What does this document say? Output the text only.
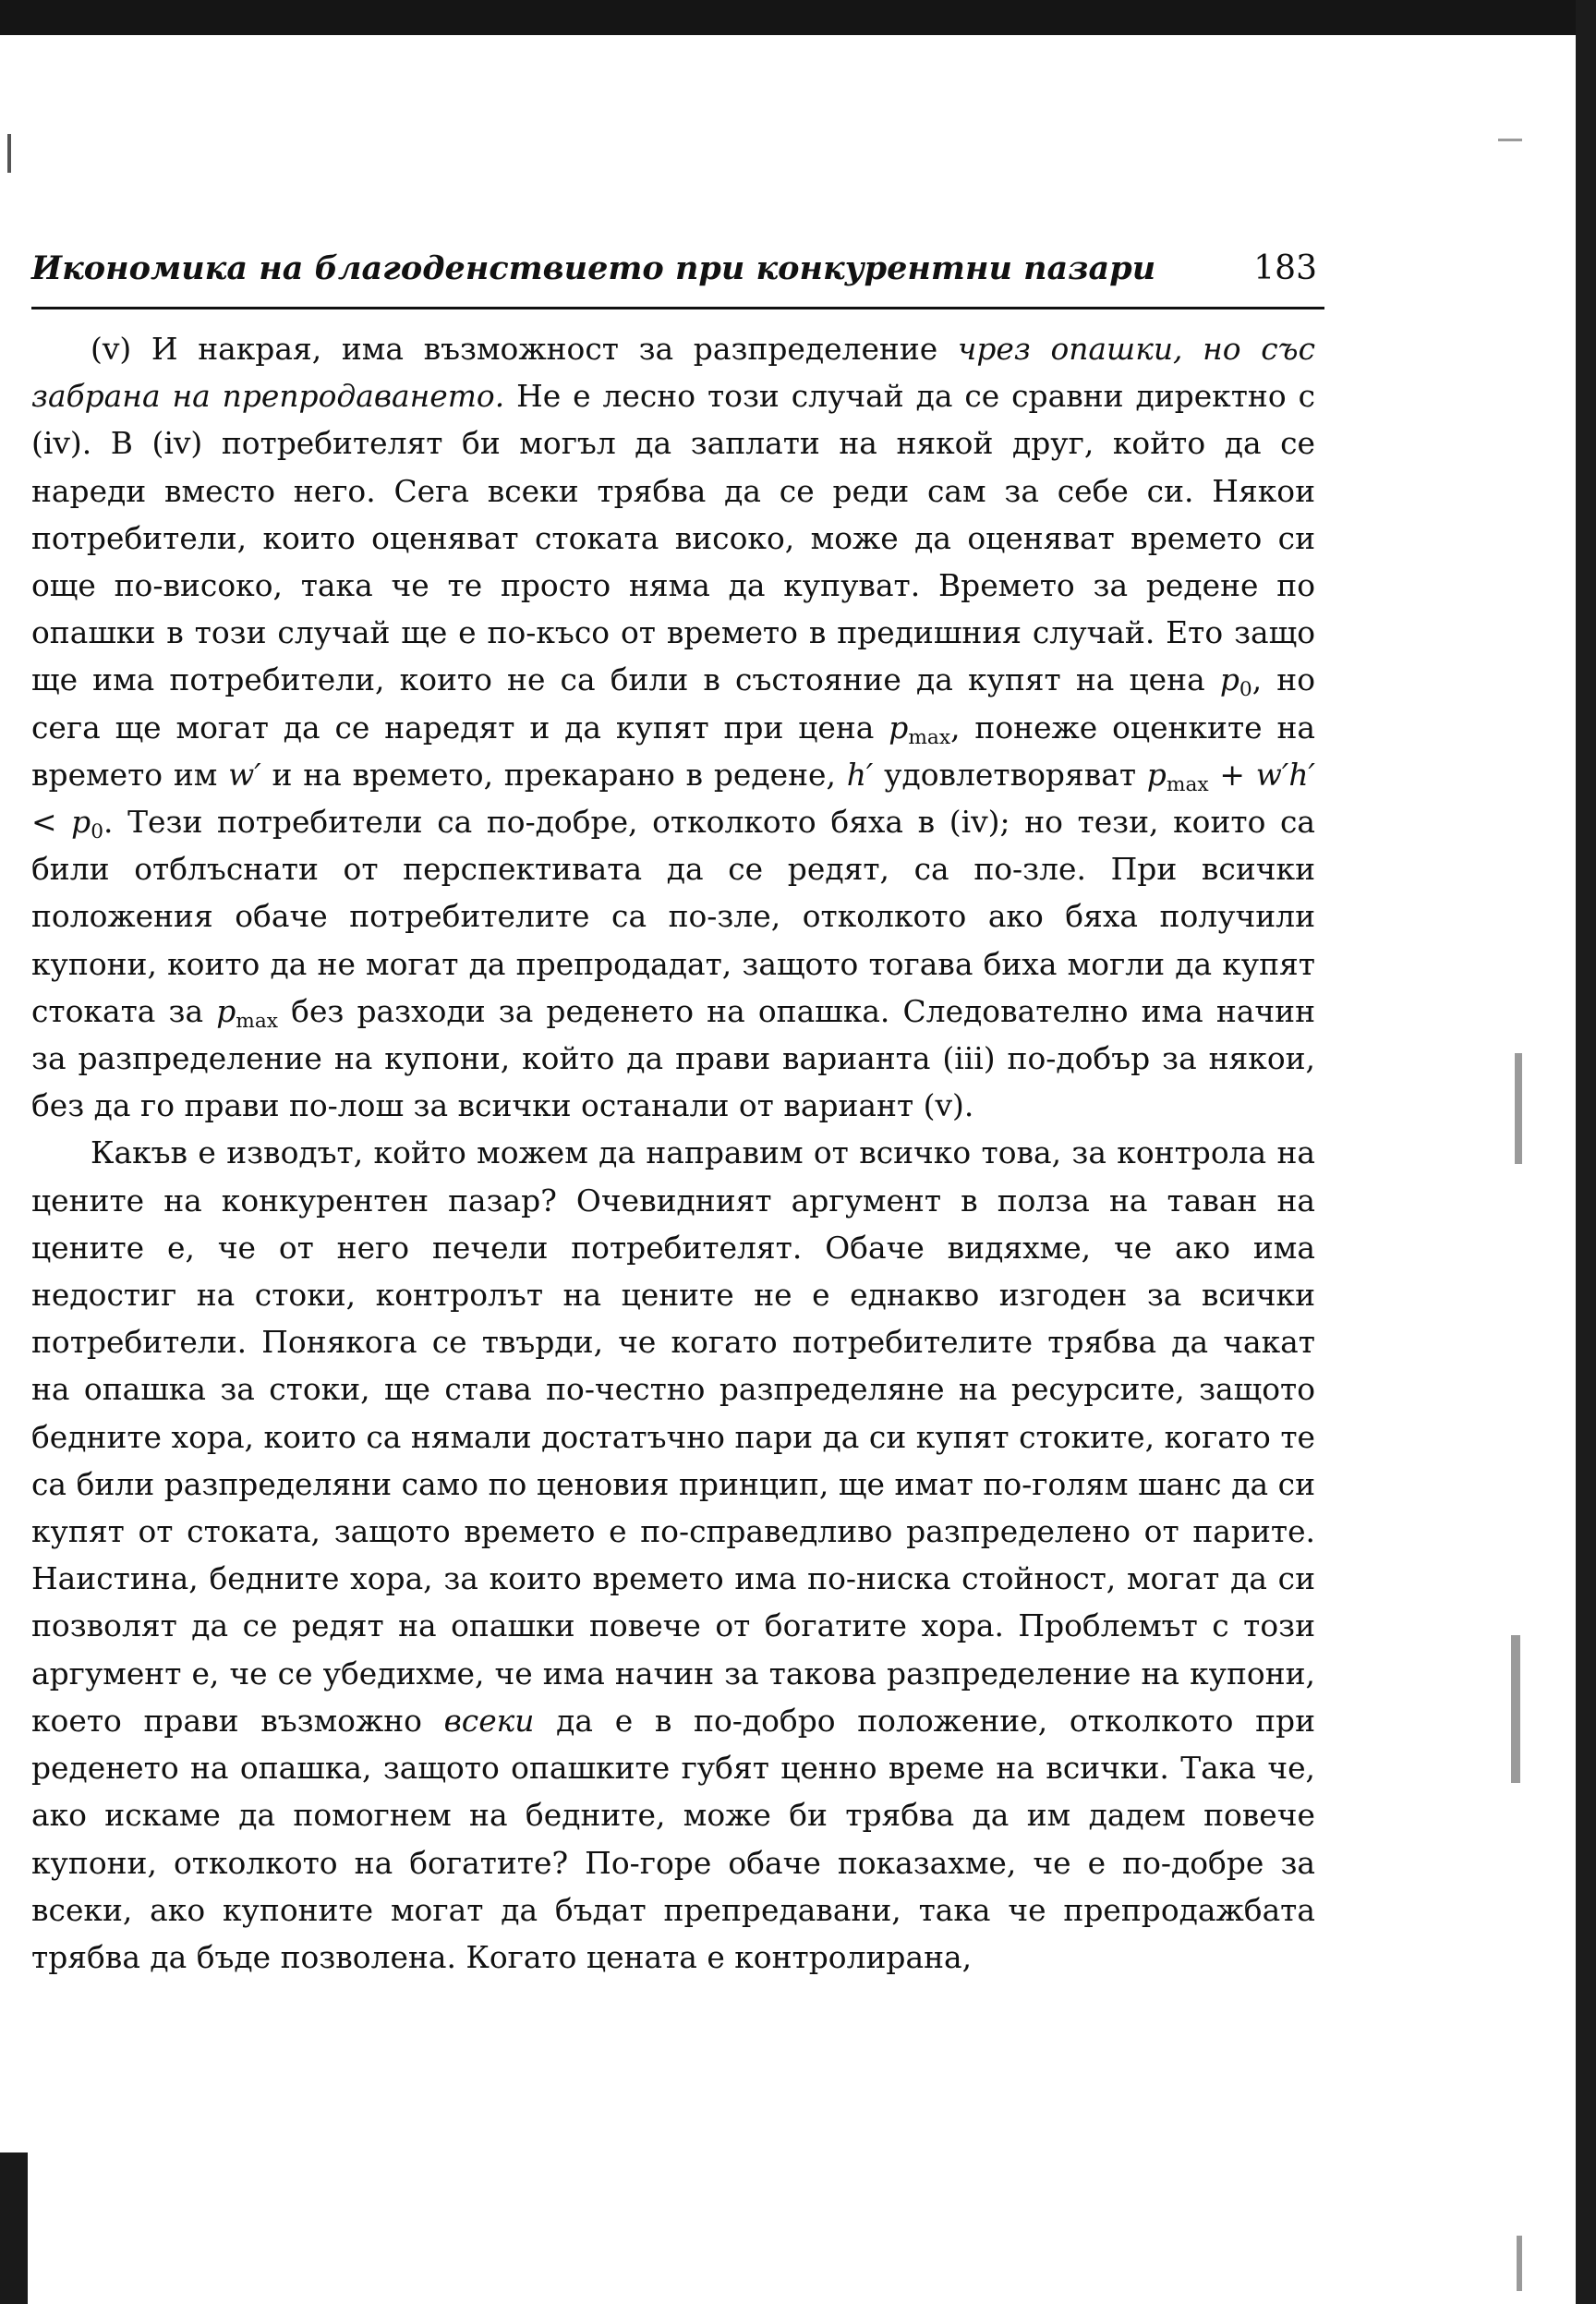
Икономика на благоденствието при конкурентни пазари	183

(v) И накрая, има възможност за разпределение чрез опашки, но със забрана на препродаването. Не е лесно този случай да се сравни директно с (iv). В (iv) потребителят би могъл да заплати на някой друг, който да се нареди вместо него. Сега всеки трябва да се реди сам за себе си. Някои потребители, които оценяват стоката високо, може да оценяват времето си още по-високо, така че те просто няма да купуват. Времето за редене по опашки в този случай ще е по-късо от времето в предишния случай. Ето защо ще има потребители, които не са били в състояние да купят на цена $p_0$, но сега ще могат да се наредят и да купят при цена $p_{max}$, понеже оценките на времето им w′ и на времето, прекарано в редене, h′ удовлетворяват $p_{max} + w'h' < p_0$. Тези потребители са по-добре, отколкото бяха в (iv); но тези, които са били отблъснати от перспективата да се редят, са по-зле. При всички положения обаче потребителите са по-зле, отколкото ако бяха получили купони, които да не могат да препродадат, защото тогава биха могли да купят стоката за $p_{max}$ без разходи за реденето на опашка. Следователно има начин за разпределение на купони, който да прави варианта (iii) по-добър за някои, без да го прави по-лош за всички останали от вариант (v).

Какъв е изводът, който можем да направим от всичко това, за контрола на цените на конкурентен пазар? Очевидният аргумент в полза на таван на цените е, че от него печели потребителят. Обаче видяхме, че ако има недостиг на стоки, контролът на цените не е еднакво изгоден за всички потребители. Понякога се твърди, че когато потребителите трябва да чакат на опашка за стоки, ще става по-честно разпределяне на ресурсите, защото бедните хора, които са нямали достатъчно пари да си купят стоките, когато те са били разпределяни само по ценовия принцип, ще имат по-голям шанс да си купят от стоката, защото времето е по-справедливо разпределено от парите. Наистина, бедните хора, за които времето има по-ниска стойност, могат да си позволят да се редят на опашки повече от богатите хора. Проблемът с този аргумент е, че се убедихме, че има начин за такова разпределение на купони, което прави възможно всеки да е в по-добро положение, отколкото при реденето на опашка, защото опашките губят ценно време на всички. Така че, ако искаме да помогнем на бедните, може би трябва да им дадем повече купони, отколкото на богатите? По-горе обаче показахме, че е по-добре за всеки, ако купоните могат да бъдат препредавани, така че препродажбата трябва да бъде позволена. Когато цената е контролирана,
